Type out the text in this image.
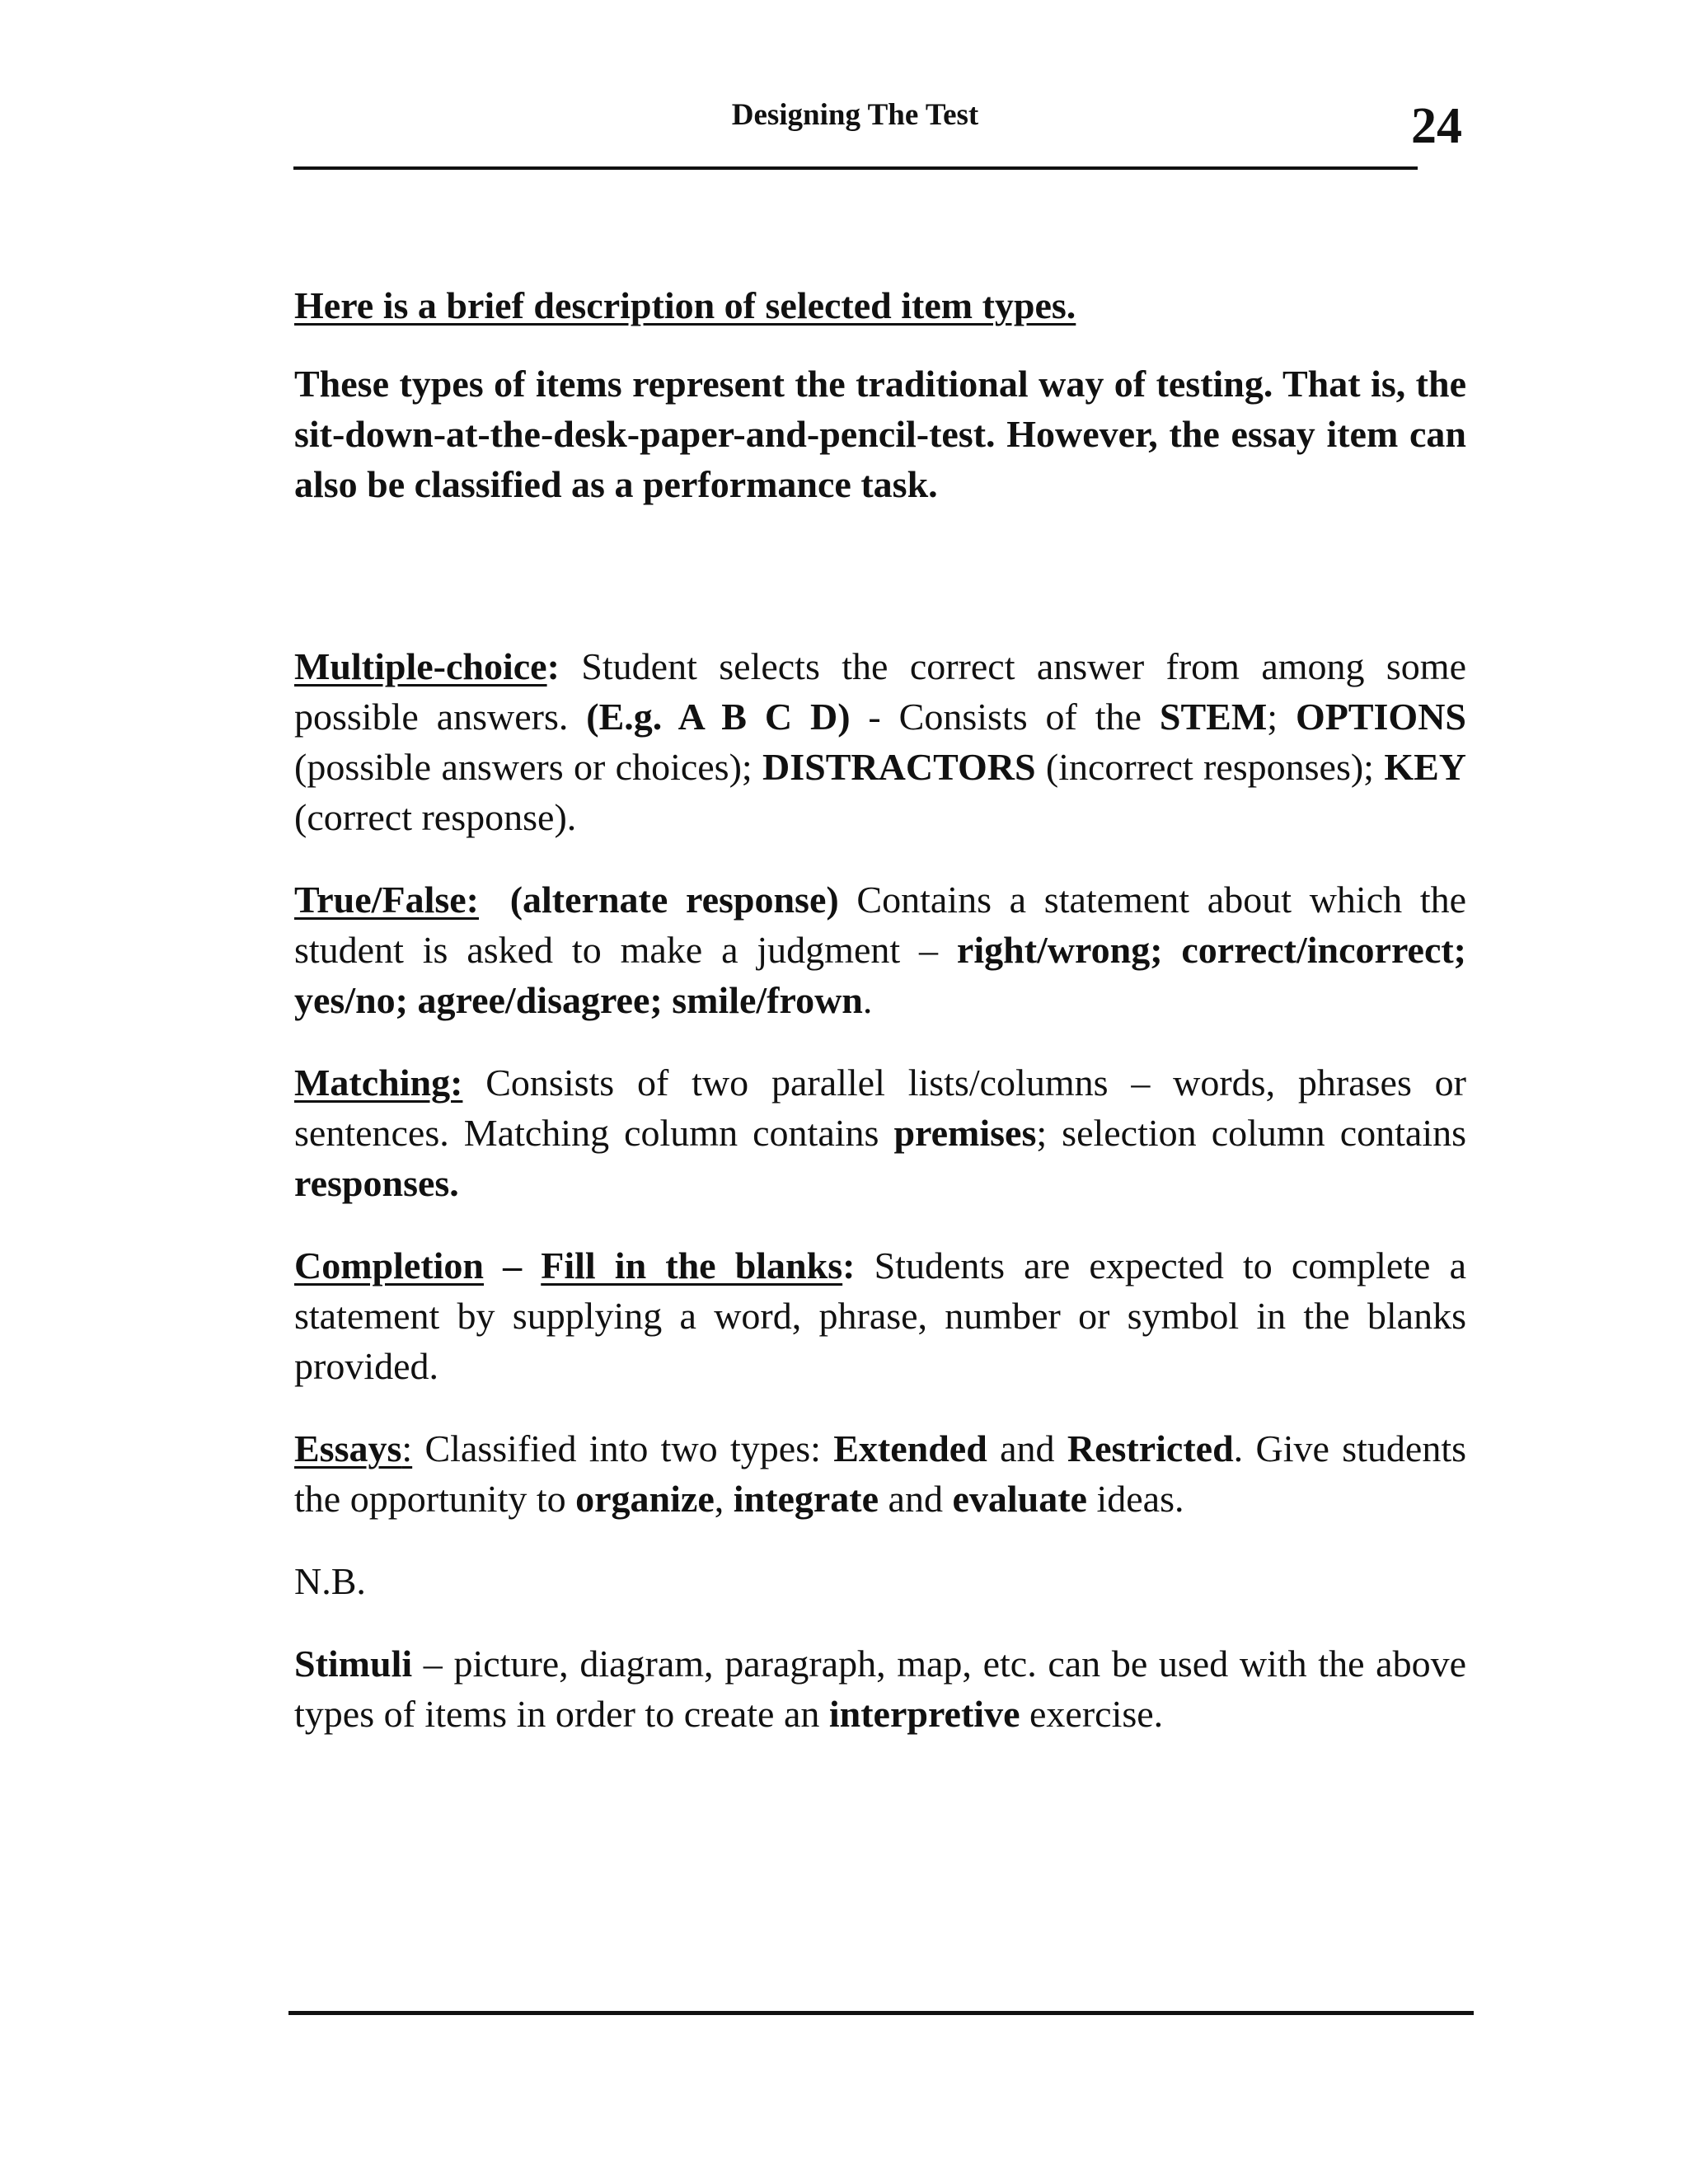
Designing The Test	24

Here is a brief description of selected item types.

These types of items represent the traditional way of testing. That is, the sit-down-at-the-desk-paper-and-pencil-test. However, the essay item can also be classified as a performance task.

Multiple-choice: Student selects the correct answer from among some possible answers. (E.g. A B C D) - Consists of the STEM; OPTIONS (possible answers or choices); DISTRACTORS (incorrect responses); KEY (correct response).

True/False: (alternate response) Contains a statement about which the student is asked to make a judgment – right/wrong; correct/incorrect; yes/no; agree/disagree; smile/frown.

Matching: Consists of two parallel lists/columns – words, phrases or sentences. Matching column contains premises; selection column contains responses.

Completion – Fill in the blanks: Students are expected to complete a statement by supplying a word, phrase, number or symbol in the blanks provided.

Essays: Classified into two types: Extended and Restricted. Give students the opportunity to organize, integrate and evaluate ideas.

N.B.

Stimuli – picture, diagram, paragraph, map, etc. can be used with the above types of items in order to create an interpretive exercise.
